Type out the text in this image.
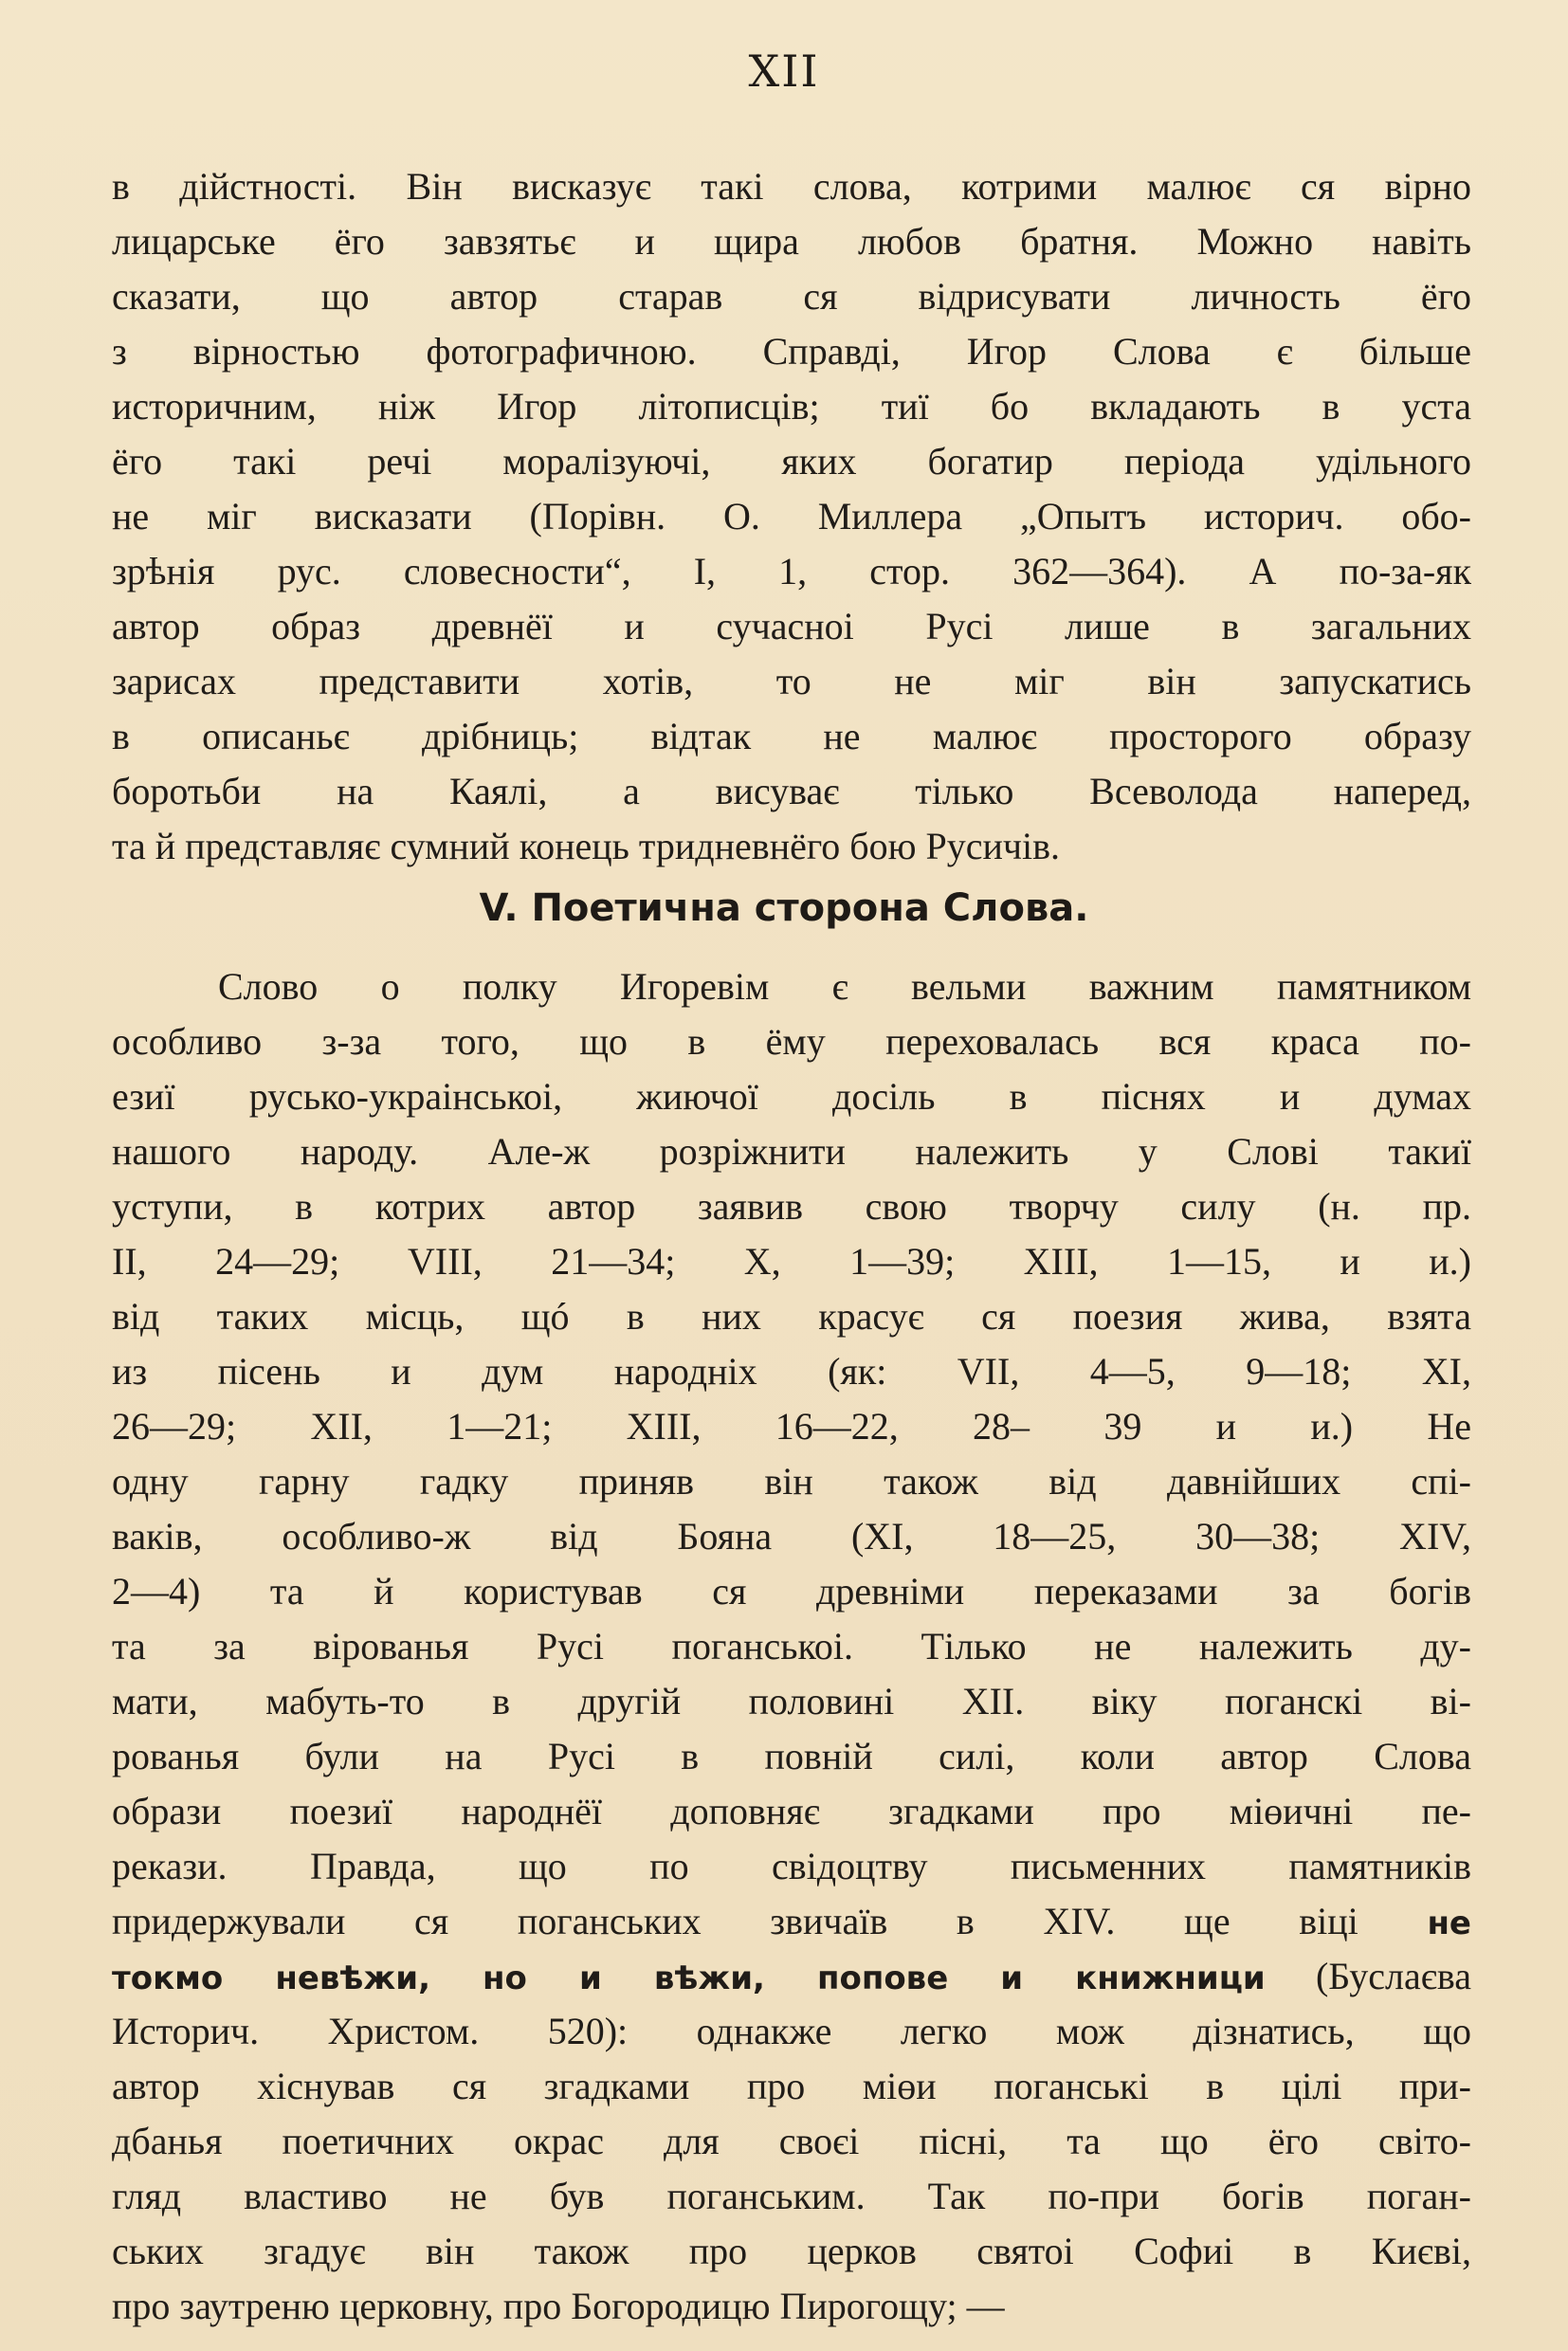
XII
в дійстності. Він висказує такі слова, котрими малює ся вірно
лицарське ёго завзятьє и щира любов братня. Можно навіть
сказати, що автор старав ся відрисувати личность ёго
з вірностью фотографичною. Справді, Игор Слова є більше
историчним, ніж Игор літописців; тиї бо вкладають в уста
ёго такі речі моралізуючі, яких богатир періода удільного
не міг висказати (Порівн. О. Миллера „Опытъ историч. обо-
зрѣнія рус. словесности“, I, 1, стор. 362—364). А по-за-як
автор образ древнёї и сучасноі Русі лише в загальних
зарисах представити хотів, то не міг він запускатись
в описаньє дрібниць; відтак не малює просторого образу
боротьби на Каялі, а висуває тілько Всеволода наперед,
та й представляє сумний конець тридневнёго бою Русичів.
V. Поетична сторона Слова.
Слово о полку Игоревім є вельми важним памятником
особливо з-за того, що в ёму переховалась вся краса по-
езиї русько-украінськоі, жиючої досіль в піснях и думах
нашого народу. Але-ж розріжнити належить у Слові такиї
уступи, в котрих автор заявив свою творчу силу (н. пр.
II, 24—29; VIII, 21—34; X, 1—39; XIII, 1—15, и и.)
від таких місць, щó в них красує ся поезия жива, взята
из пісень и дум народніх (як: VII, 4—5, 9—18; XI,
26—29; XII, 1—21; XIII, 16—22, 28– 39 и и.) Не
одну гарну гадку приняв він також від давнійших спі-
ваків, особливо-ж від Бояна (XI, 18—25, 30—38; XIV,
2—4) та й користував ся древніми переказами за богів
та за вірованья Русі поганськоі. Тілько не належить ду-
мати, мабуть-то в другій половині XII. віку поганскі ві-
рованья були на Русі в повній силі, коли автор Слова
образи поезиї народнёї доповняє згадками про міөичні пе-
рекази. Правда, що по свідоцтву письменних памятників
придержували ся поганських звичаїв в XIV. ще віці не
токмо невѣжи, но и вѣжи, попове и книжници (Буслаєва
Историч. Христом. 520): однакже легко мож дізнатись, що
автор хіснував ся згадками про міөи поганські в цілі при-
дбанья поетичних окрас для своєі пісні, та що ёго світо-
гляд властиво не був поганським. Так по-при богів поган-
ських згадує він також про церков святоі Софиі в Києві,
про заутреню церковну, про Богородицю Пирогощу; —
